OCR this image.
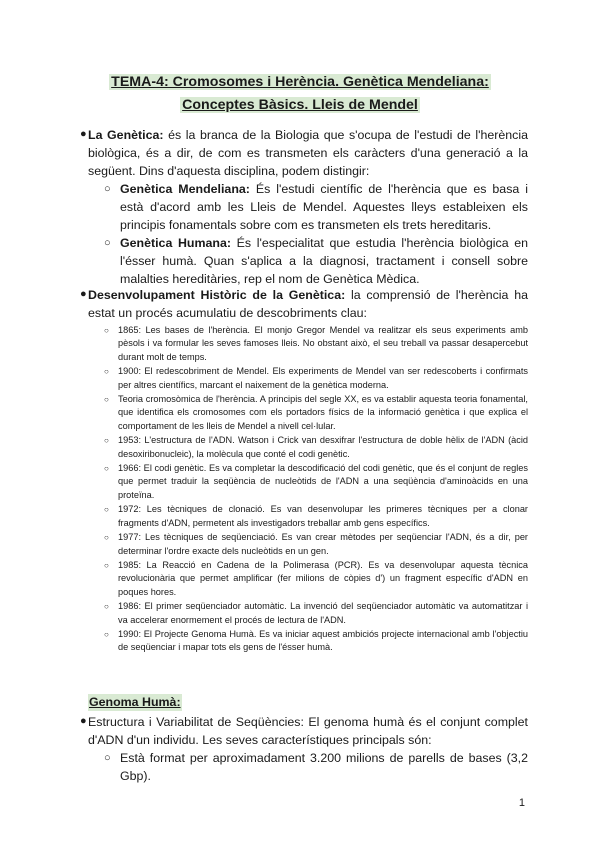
TEMA-4: Cromosomes i Herència. Genètica Mendeliana:
Conceptes Bàsics. Lleis de Mendel

● La Genètica: és la branca de la Biologia que s'ocupa de l'estudi de l'herència biològica, és a dir, de com es transmeten els caràcters d'una generació a la següent. Dins d'aquesta disciplina, podem distingir:

○ Genètica Mendeliana: És l'estudi científic de l'herència que es basa i està d'acord amb les Lleis de Mendel. Aquestes lleys estableixen els principis fonamentals sobre com es transmeten els trets hereditaris.
○ Genètica Humana: És l'especialitat que estudia l'herència biològica en l'ésser humà. Quan s'aplica a la diagnosi, tractament i consell sobre malalties hereditàries, rep el nom de Genètica Mèdica.

● Desenvolupament Històric de la Genètica: la comprensió de l'herència ha estat un procés acumulatiu de descobriments clau:

○ 1865: Les bases de l'herència. El monjo Gregor Mendel va realitzar els seus experiments amb pèsols i va formular les seves famoses lleis. No obstant això, el seu treball va passar desapercebut durant molt de temps.
○ 1900: El redescobriment de Mendel. Els experiments de Mendel van ser redescoberts i confirmats per altres científics, marcant el naixement de la genètica moderna.
○ Teoria cromosòmica de l'herència. A principis del segle XX, es va establir aquesta teoria fonamental, que identifica els cromosomes com els portadors físics de la informació genètica i que explica el comportament de les lleis de Mendel a nivell cel·lular.
○ 1953: L'estructura de l'ADN. Watson i Crick van desxifrar l'estructura de doble hèlix de l'ADN (àcid desoxiribonucleic), la molècula que conté el codi genètic.
○ 1966: El codi genètic. Es va completar la descodificació del codi genètic, que és el conjunt de regles que permet traduir la seqüència de nucleòtids de l'ADN a una seqüència d'aminoàcids en una proteïna.
○ 1972: Les tècniques de clonació. Es van desenvolupar les primeres tècniques per a clonar fragments d'ADN, permetent als investigadors treballar amb gens específics.
○ 1977: Les tècniques de seqüenciació. Es van crear mètodes per seqüenciar l'ADN, és a dir, per determinar l'ordre exacte dels nucleòtids en un gen.
○ 1985: La Reacció en Cadena de la Polimerasa (PCR). Es va desenvolupar aquesta tècnica revolucionària que permet amplificar (fer milions de còpies d') un fragment específic d'ADN en poques hores.
○ 1986: El primer seqüenciador automàtic. La invenció del seqüenciador automàtic va automatitzar i va accelerar enormement el procés de lectura de l'ADN.
○ 1990: El Projecte Genoma Humà. Es va iniciar aquest ambiciós projecte internacional amb l'objectiu de seqüenciar i mapar tots els gens de l'ésser humà.
Genoma Humà:

● Estructura i Variabilitat de Seqüències: El genoma humà és el conjunt complet d'ADN d'un individu. Les seves característiques principals són:

○ Està format per aproximadament 3.200 milions de parells de bases (3,2 Gbp).
1
